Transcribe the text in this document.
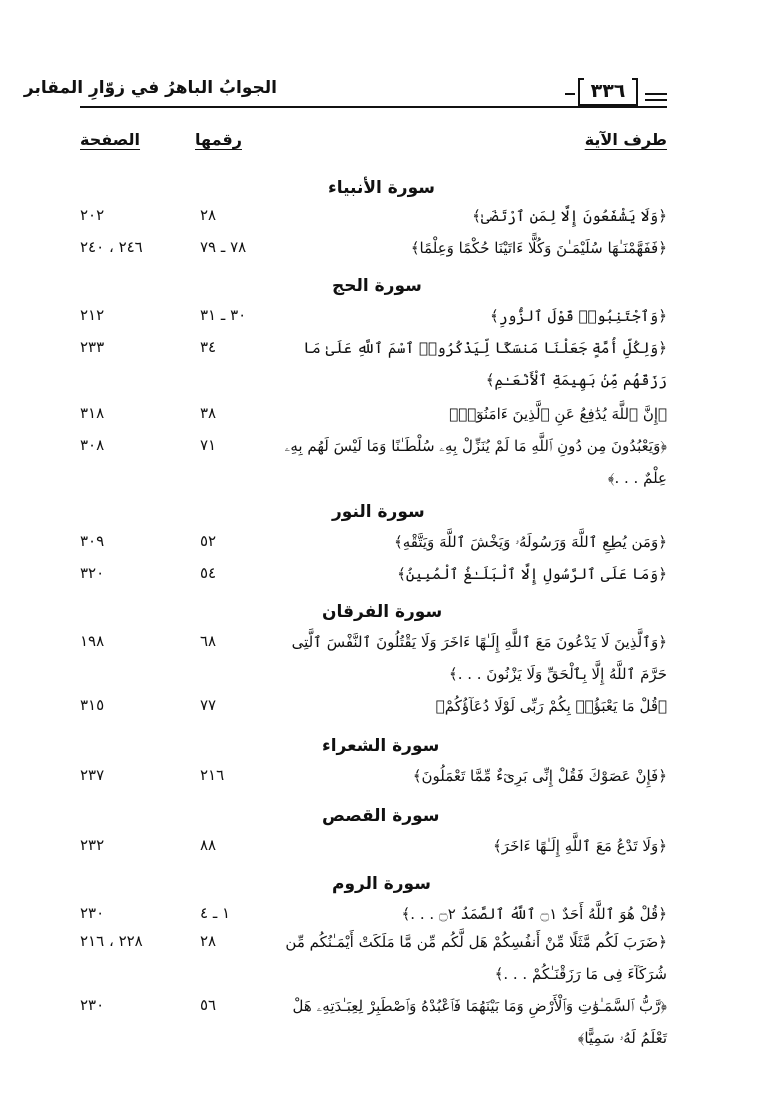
الجوابُ الباهرُ في زوّارِ المقابر	٣٣٦
طرف الآية
رقمها
الصفحة
سورة الأنبياء
﴿وَلَا يَشْفَعُونَ إِلَّا لِمَنِ ٱرْتَضَىٰ﴾
٢٨
٢٠٢
﴿فَفَهَّمْنَـٰهَا سُلَيْمَـٰنَ وَكُلًّا ءَاتَيْنَا حُكْمًا وَعِلْمًا﴾
٧٨ ـ ٧٩
٢٤٦ ، ٢٤٠
سورة الحج
﴿وَٱجْتَنِبُوا۟ قَوْلَ ٱلزُّورِ﴾
٣٠ ـ ٣١
٢١٢
﴿وَلِكُلِّ أُمَّةٍ جَعَلْنَا مَنسَكًا لِّيَذْكُرُوا۟ ٱسْمَ ٱللَّهِ عَلَىٰ مَا رَزَقَهُم مِّنۢ بَهِيمَةِ ٱلْأَنْعَـٰمِ﴾
٣٤
٢٣٣
﴿إِنَّ ٱللَّهَ يُدَٰفِعُ عَنِ ٱلَّذِينَ ءَامَنُوٓا۟﴾
٣٨
٣١٨
﴿وَيَعْبُدُونَ مِن دُونِ ٱللَّهِ مَا لَمْ يُنَزِّلْ بِهِۦ سُلْطَـٰنًا وَمَا لَيْسَ لَهُم بِهِۦ عِلْمٌ . . .﴾
٧١
٣٠٨
سورة النور
﴿وَمَن يُطِعِ ٱللَّهَ وَرَسُولَهُۥ وَيَخْشَ ٱللَّهَ وَيَتَّقْهِ﴾
٥٢
٣٠٩
﴿وَمَا عَلَى ٱلرَّسُولِ إِلَّا ٱلْبَلَـٰغُ ٱلْمُبِينُ﴾
٥٤
٣٢٠
سورة الفرقان
﴿وَٱلَّذِينَ لَا يَدْعُونَ مَعَ ٱللَّهِ إِلَـٰهًا ءَاخَرَ وَلَا يَقْتُلُونَ ٱلنَّفْسَ ٱلَّتِى حَرَّمَ ٱللَّهُ إِلَّا بِٱلْحَقِّ وَلَا يَزْنُونَ . . .﴾
٦٨
١٩٨
﴿قُلْ مَا يَعْبَؤُا۟ بِكُمْ رَبِّى لَوْلَا دُعَآؤُكُمْ﴾
٧٧
٣١٥
سورة الشعراء
﴿فَإِنْ عَصَوْكَ فَقُلْ إِنِّى بَرِىٓءٌ مِّمَّا تَعْمَلُونَ﴾
٢١٦
٢٣٧
سورة القصص
﴿وَلَا تَدْعُ مَعَ ٱللَّهِ إِلَـٰهًا ءَاخَرَ﴾
٨٨
٢٣٢
سورة الروم
﴿قُلْ هُوَ ٱللَّهُ أَحَدٌ ۝١ ٱللَّهُ ٱلصَّمَدُ ۝٢ . . .﴾
١ ـ ٤
٢٣٠
﴿ضَرَبَ لَكُم مَّثَلًا مِّنْ أَنفُسِكُمْ هَل لَّكُم مِّن مَّا مَلَكَتْ أَيْمَـٰنُكُم مِّن شُرَكَآءَ فِى مَا رَزَقْنَـٰكُمْ . . .﴾
٢٨
٢٢٨ ، ٢١٦
﴿رَّبُّ ٱلسَّمَـٰوَٰتِ وَٱلْأَرْضِ وَمَا بَيْنَهُمَا فَٱعْبُدْهُ وَٱصْطَبِرْ لِعِبَـٰدَتِهِۦ هَلْ تَعْلَمُ لَهُۥ سَمِيًّا﴾
٥٦
٢٣٠
